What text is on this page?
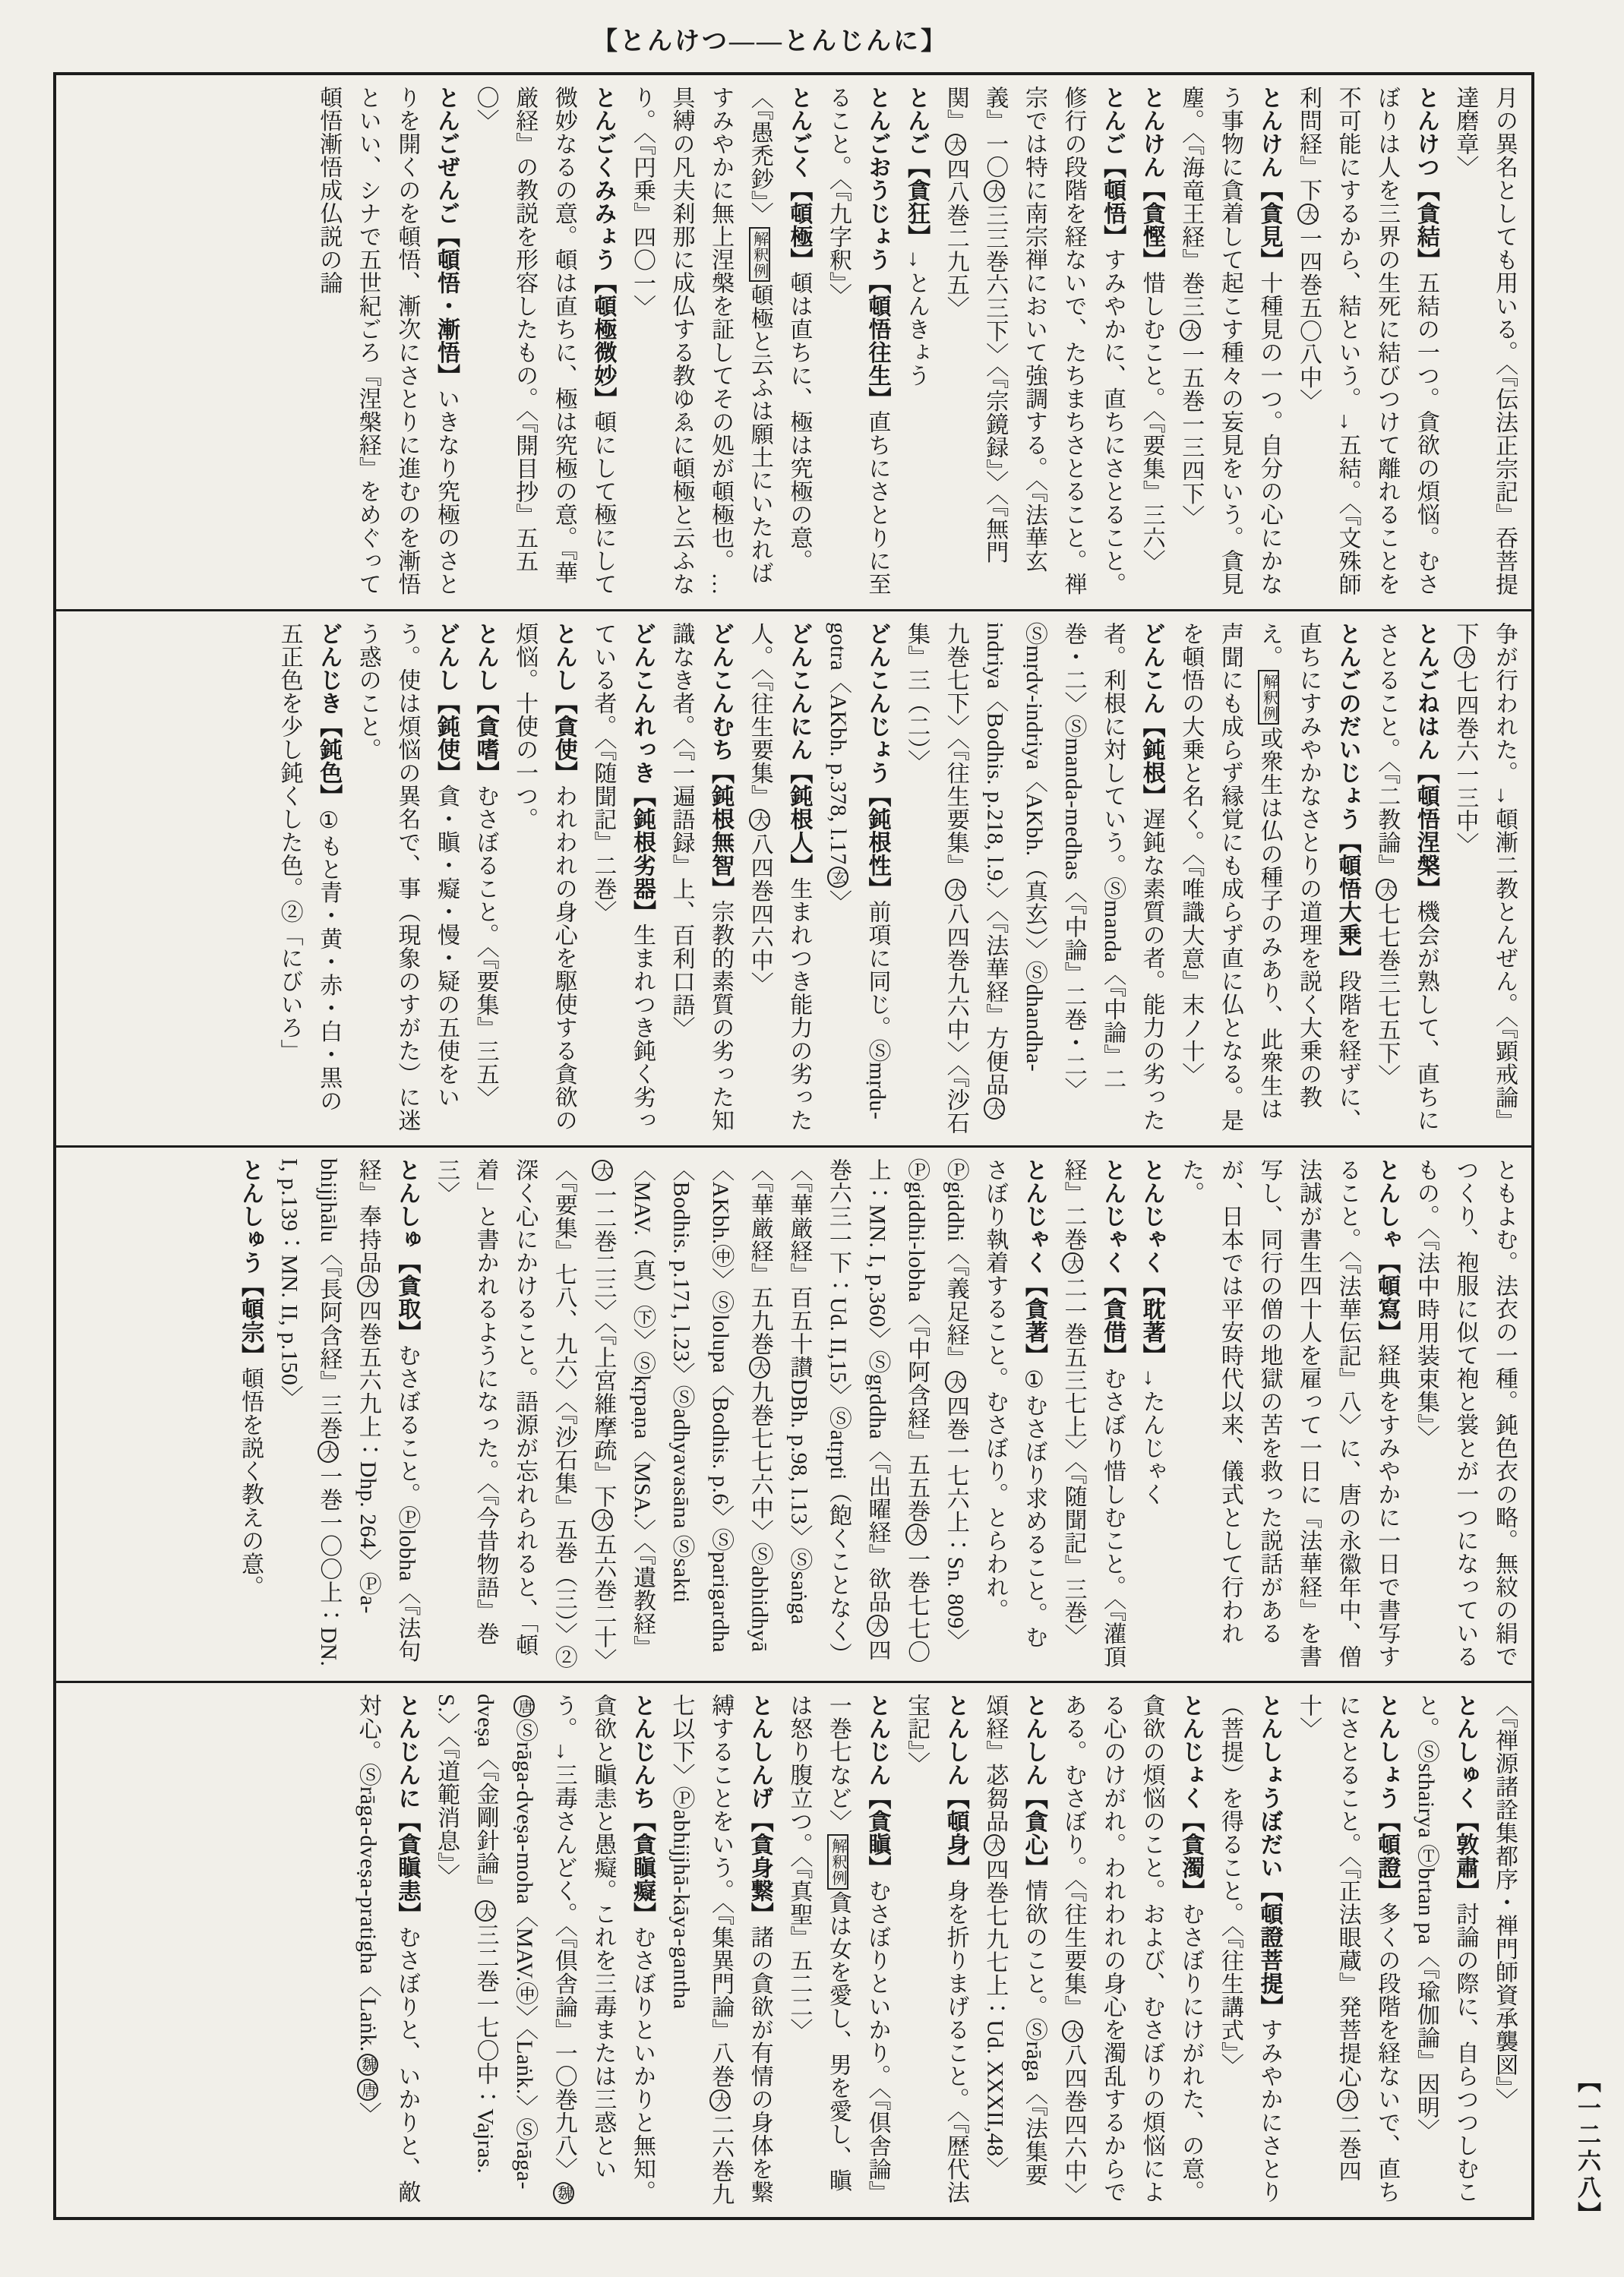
【とんけつ――とんじんに】
月の異名としても用いる。〈『伝法正宗記』吞菩提達磨章〉
とんけつ【貪結】五結の一つ。貪欲の煩悩。むさぼりは人を三界の生死に結びつけて離れることを不可能にするから、結という。→五結。〈『文殊師利問経』下大一四巻五〇八中〉
とんけん【貪見】十種見の一つ。自分の心にかなう事物に貪着して起こす種々の妄見をいう。貪見塵。〈『海竜王経』巻三大一五巻一三四下〉
とんけん【貪慳】惜しむこと。〈『要集』三六〉
とんご【頓悟】すみやかに、直ちにさとること。修行の段階を経ないで、たちまちさとること。禅宗では特に南宗禅において強調する。〈『法華玄義』一〇大三三巻六三下〉〈『宗鏡録』〉〈『無門関』大四八巻二九五〉
とんご【貪狂】→とんきょう
とんごおうじょう【頓悟往生】直ちにさとりに至ること。〈『九字釈』〉
とんごく【頓極】頓は直ちに、極は究極の意。〈『愚禿鈔』〉解釈例頓極と云ふは願土にいたればすみやかに無上涅槃を証してその処が頓極也。…具縛の凡夫刹那に成仏する教ゆゑに頓極と云ふなり。〈『円乗』四〇一〉
とんごくみみょう【頓極微妙】頓にして極にして微妙なるの意。頓は直ちに、極は究極の意。『華厳経』の教説を形容したもの。〈『開目抄』五五〇〉
とんごぜんご【頓悟・漸悟】いきなり究極のさとりを開くのを頓悟、漸次にさとりに進むのを漸悟といい、シナで五世紀ごろ『涅槃経』をめぐって頓悟漸悟成仏説の論
争が行われた。→頓漸二教とんぜん。〈『顕戒論』下大七四巻六一三中〉
とんごねはん【頓悟涅槃】機会が熟して、直ちにさとること。〈『二教論』大七七巻三七五下〉
とんごのだいじょう【頓悟大乗】段階を経ずに、直ちにすみやかなさとりの道理を説く大乗の教え。解釈例或衆生は仏の種子のみあり、此衆生は声聞にも成らず縁覚にも成らず直に仏となる。是を頓悟の大乗と名く。〈『唯識大意』末ノ十〉
どんこん【鈍根】遅鈍な素質の者。能力の劣った者。利根に対していう。Ⓢmanda〈『中論』二巻・二〉Ⓢmanda-medhas〈『中論』二巻・二〉Ⓢmṛdv-indriya〈AKbh.（真玄）〉Ⓢdhandha-indriya〈Bodhis. p.218, l.9.〉〈『法華経』方便品大九巻七下〉〈『往生要集』大八四巻九六中〉〈『沙石集』三（二）〉
どんこんじょう【鈍根性】前項に同じ。Ⓢmṛdu-gotra〈AKbh. p.378, l.17玄〉
どんこんにん【鈍根人】生まれつき能力の劣った人。〈『往生要集』大八四巻四六中〉
どんこんむち【鈍根無智】宗教的素質の劣った知識なき者。〈『一遍語録』上、百利口語〉
どんこんれっき【鈍根劣器】生まれつき鈍く劣っている者。〈『随聞記』二巻〉
とんし【貪使】われわれの身心を駆使する貪欲の煩悩。十使の一つ。
とんし【貪嗜】むさぼること。〈『要集』三五〉
どんし【鈍使】貪・瞋・癡・慢・疑の五使をいう。使は煩悩の異名で、事（現象のすがた）に迷う惑のこと。
どんじき【鈍色】①もと青・黄・赤・白・黒の五正色を少し鈍くした色。②「にびいろ」
ともよむ。法衣の一種。鈍色衣の略。無紋の絹でつくり、袍服に似て袍と裳とが一つになっているもの。〈『法中時用装束集』〉
とんしゃ【頓寫】経典をすみやかに一日で書写すること。〈『法華伝記』八〉に、唐の永徽年中、僧法誠が書生四十人を雇って一日に『法華経』を書写し、同行の僧の地獄の苦を救った説話があるが、日本では平安時代以来、儀式として行われた。
とんじゃく【耽著】→たんじゃく
とんじゃく【貪借】むさぼり惜しむこと。〈『灌頂経』二巻大二一巻五三七上〉〈『随聞記』三巻〉
とんじゃく【貪著】①むさぼり求めること。むさぼり執着すること。むさぼり。とらわれ。Ⓟgiddhi〈『義足経』大四巻一七六上：Sn. 809〉Ⓟgiddhi-lobha〈『中阿含経』五五巻大一巻七七〇上：MN. I, p.360〉Ⓢgṛddha〈『出曜経』欲品大四巻六三一下：Ud. II,15〉Ⓢatṛpti（飽くことなく）〈『華厳経』百五十讃DBh. p.98, l.13〉Ⓢsaṅga〈『華厳経』五九巻大九巻七七六中〉Ⓢabhidhyā〈AKbh.㊥〉Ⓢlolupa〈Bodhis. p.6〉Ⓢparigardha〈Bodhis. p.171, l.23〉Ⓢadhyavasāna Ⓢsakti〈MAV.（真）㊦〉Ⓢkṛpaṇa〈MSA.〉〈『遺教経』大一二巻二三〉〈『上宮維摩疏』下大五六巻二十〉〈『要集』七八、九六〉〈『沙石集』五巻（三）〉②深く心にかけること。語源が忘れられると、「頓着」と書かれるようになった。〈『今昔物語』巻三〉
とんしゅ【貪取】むさぼること。Ⓟlobha〈『法句経』奉持品大四巻五六九上：Dhp. 264〉Ⓟa-bhijjhālu〈『長阿含経』三巻大一巻一〇〇上：DN. I, p.139：MN. II, p.150〉
とんしゅう【頓宗】頓悟を説く教えの意。
〈『禅源諸詮集都序・禅門師資承襲図』〉
とんしゅく【敦肅】討論の際に、自らつつしむこと。Ⓢsthairya Ⓣbrtan pa〈『瑜伽論』因明〉
とんしょう【頓證】多くの段階を経ないで、直ちにさとること。〈『正法眼蔵』発菩提心大二巻四十〉
とんしょうぼだい【頓證菩提】すみやかにさとり（菩提）を得ること。〈『往生講式』〉
とんじょく【貪濁】むさぼりにけがれた、の意。貪欲の煩悩のこと。および、むさぼりの煩悩による心のけがれ。われわれの身心を濁乱するからである。むさぼり。〈『往生要集』大八四巻四六中〉
とんしん【貪心】情欲のこと。Ⓢrāga〈『法集要頌経』苾芻品大四巻七九七上：Ud. XXXII,48〉
とんしん【頓身】身を折りまげること。〈『歴代法宝記』〉
とんじん【貪瞋】むさぼりといかり。〈『倶舎論』一巻七など〉解釈例貪は女を愛し、男を愛し、瞋は怒り腹立つ。〈『真聖』五二二〉
とんしんげ【貪身繋】諸の貪欲が有情の身体を繋縛することをいう。〈『集異門論』八巻大二六巻九七以下〉Ⓟabhijjhā-kāya-gantha
とんじんち【貪瞋癡】むさぼりといかりと無知。貪欲と瞋恚と愚癡。これを三毒または三惑という。→三毒さんどく。〈『倶舎論』一〇巻九八〉魏唐Ⓢrāga-dveṣa-moha〈MAV.㊥〉〈Laṅk.〉Ⓢrāga-dveṣa〈『金剛針論』大三二巻一七〇中：Vajras. S.〉〈『道範消息』〉
とんじんに【貪瞋恚】むさぼりと、いかりと、敵対心。Ⓢrāga-dveṣa-pratigha〈Laṅk.魏唐〉	【一二六八】
